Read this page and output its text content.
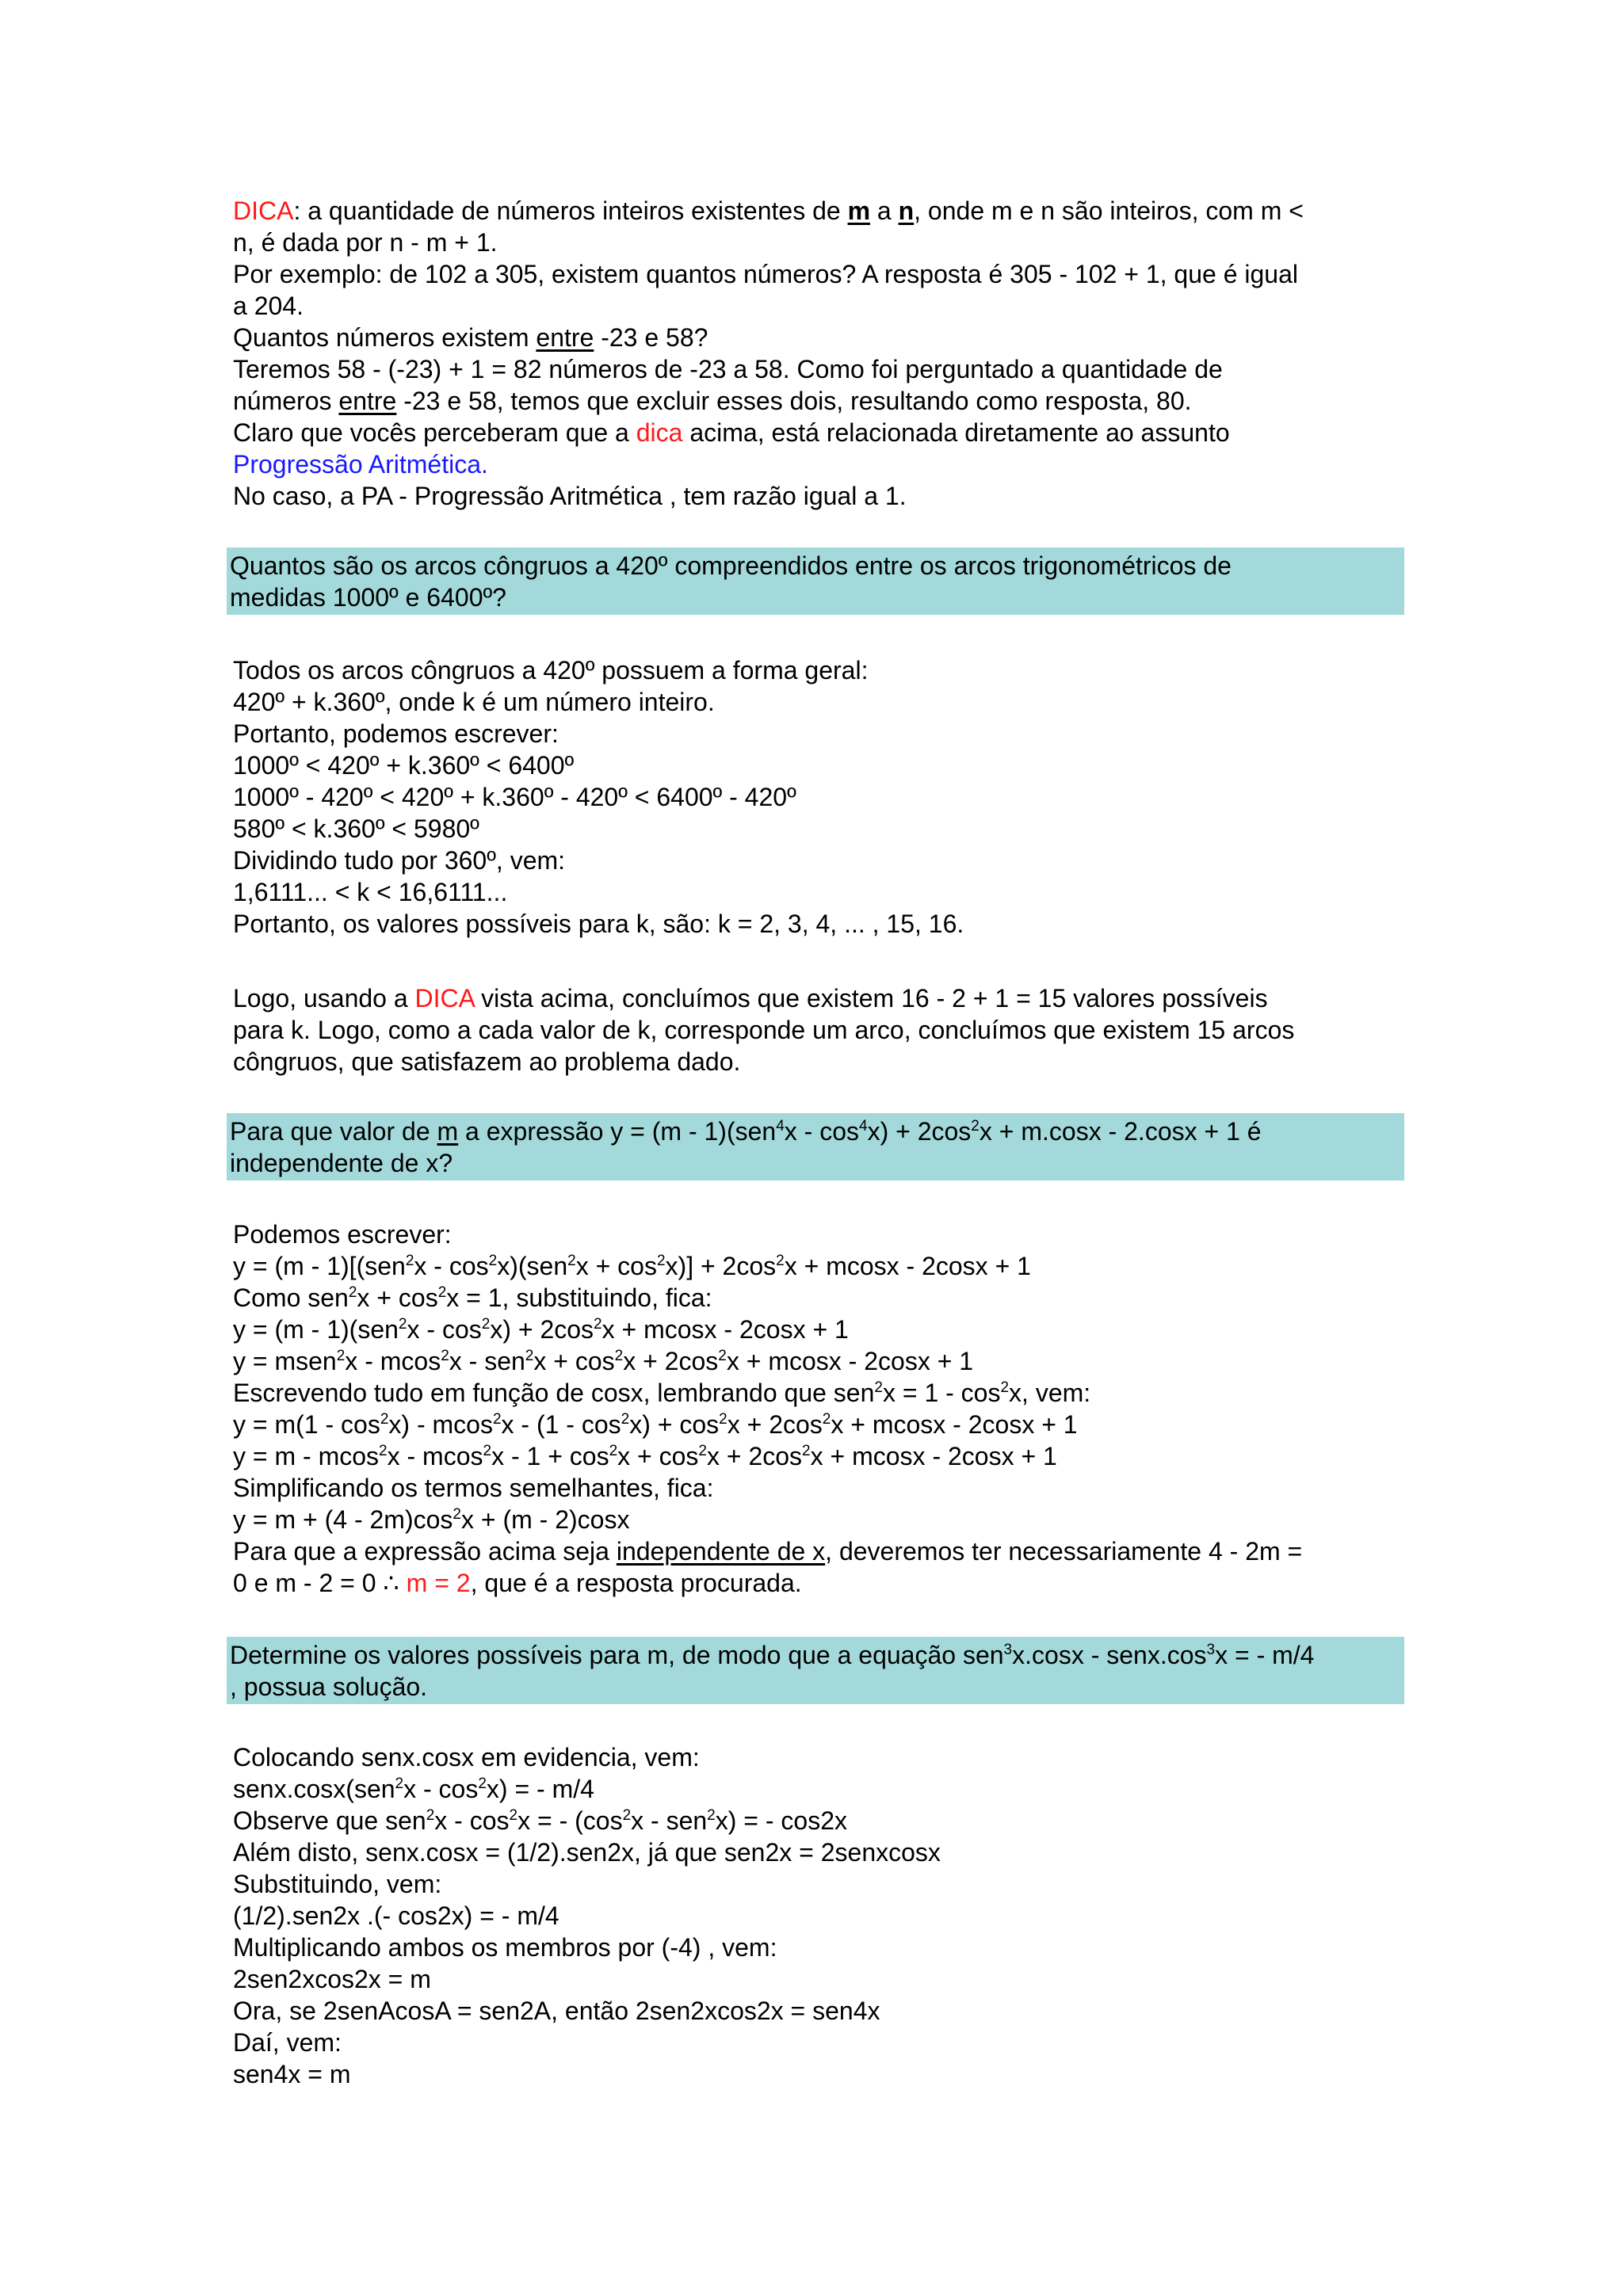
DICA: a quantidade de números inteiros existentes de m a n, onde m e n são inteiros, com m <
n, é dada por n - m + 1.
Por exemplo: de 102 a 305, existem quantos números? A resposta é 305 - 102 + 1, que é igual
a 204.
Quantos números existem entre -23 e 58?
Teremos 58 - (-23) + 1 = 82 números de -23 a 58. Como foi perguntado a quantidade de
números entre -23 e 58, temos que excluir esses dois, resultando como resposta, 80.
Claro que vocês perceberam que a dica acima, está relacionada diretamente ao assunto
Progressão Aritmética.
No caso, a PA - Progressão Aritmética , tem razão igual a 1.
Quantos são os arcos côngruos a 420º compreendidos entre os arcos trigonométricos de
medidas 1000º e 6400º?
Todos os arcos côngruos a 420º possuem a forma geral:
420º + k.360º, onde k é um número inteiro.
Portanto, podemos escrever:
1000º < 420º + k.360º < 6400º
1000º - 420º < 420º + k.360º - 420º < 6400º - 420º
580º < k.360º < 5980º
Dividindo tudo por 360º, vem:
1,6111... < k < 16,6111...
Portanto, os valores possíveis para k, são: k = 2, 3, 4, ... , 15, 16.
Logo, usando a DICA vista acima, concluímos que existem 16 - 2 + 1 = 15 valores possíveis
para k. Logo, como a cada valor de k, corresponde um arco, concluímos que existem 15 arcos
côngruos, que satisfazem ao problema dado.
Para que valor de m a expressão $y = (m - 1)(sen^4x - \cos^4x) + 2\cos^2x + m.\cos x - 2.\cos x + 1$ é
independente de x?
Podemos escrever:
$y = (m - 1)[(sen^2x - \cos^2x)(sen^2x + \cos^2x)] + 2\cos^2x + mcosx - 2\cos x + 1$
Como $sen^2x + \cos^2x = 1$, substituindo, fica:
$y = (m - 1)(sen^2x - \cos^2x) + 2\cos^2x + mcosx - 2\cos x + 1$
y = msen$^2$x - $mcos^2x - sen^2x + \cos^2x + 2\cos^2x + mcosx - 2\cos x + 1$
Escrevendo tudo em função de cosx, lembrando que $sen^2x = 1 - \cos^2x$, vem:
$y = m(1 - \cos^2x) - mcos^2x - (1 - \cos^2x) + \cos^2x + 2\cos^2x + mcosx - 2\cos x + 1$
$y = m - mcos^2x - mcos^2x - 1 + \cos^2x + \cos^2x + 2\cos^2x + mcosx - 2\cos x + 1$
Simplificando os termos semelhantes, fica:
$y = m + (4 - 2m)\cos^2x + (m - 2)\cos x$
Para que a expressão acima seja independente de x, deveremos ter necessariamente 4 - 2m =
0 e m - 2 = 0 ∴ m = 2, que é a resposta procurada.
Determine os valores possíveis para m, de modo que a equação $sen^3x.\cos x - senx.\cos^3x$ = - m/4
, possua solução.
Colocando senx.cosx em evidencia, vem:
senx.cosx(sen$^2$x - $\cos^2x$) = - m/4
Observe que $sen^2x - \cos^2x$ = - $(\cos^2x - sen^2x)$ = - cos2x
Além disto, senx.cosx = (1/2).sen2x, já que sen2x = 2senxcosx
Substituindo, vem:
(1/2).sen2x .(- cos2x) = - m/4
Multiplicando ambos os membros por (-4) , vem:
2sen2xcos2x = m
Ora, se 2senAcosA = sen2A, então 2sen2xcos2x = sen4x
Daí, vem:
sen4x = m
